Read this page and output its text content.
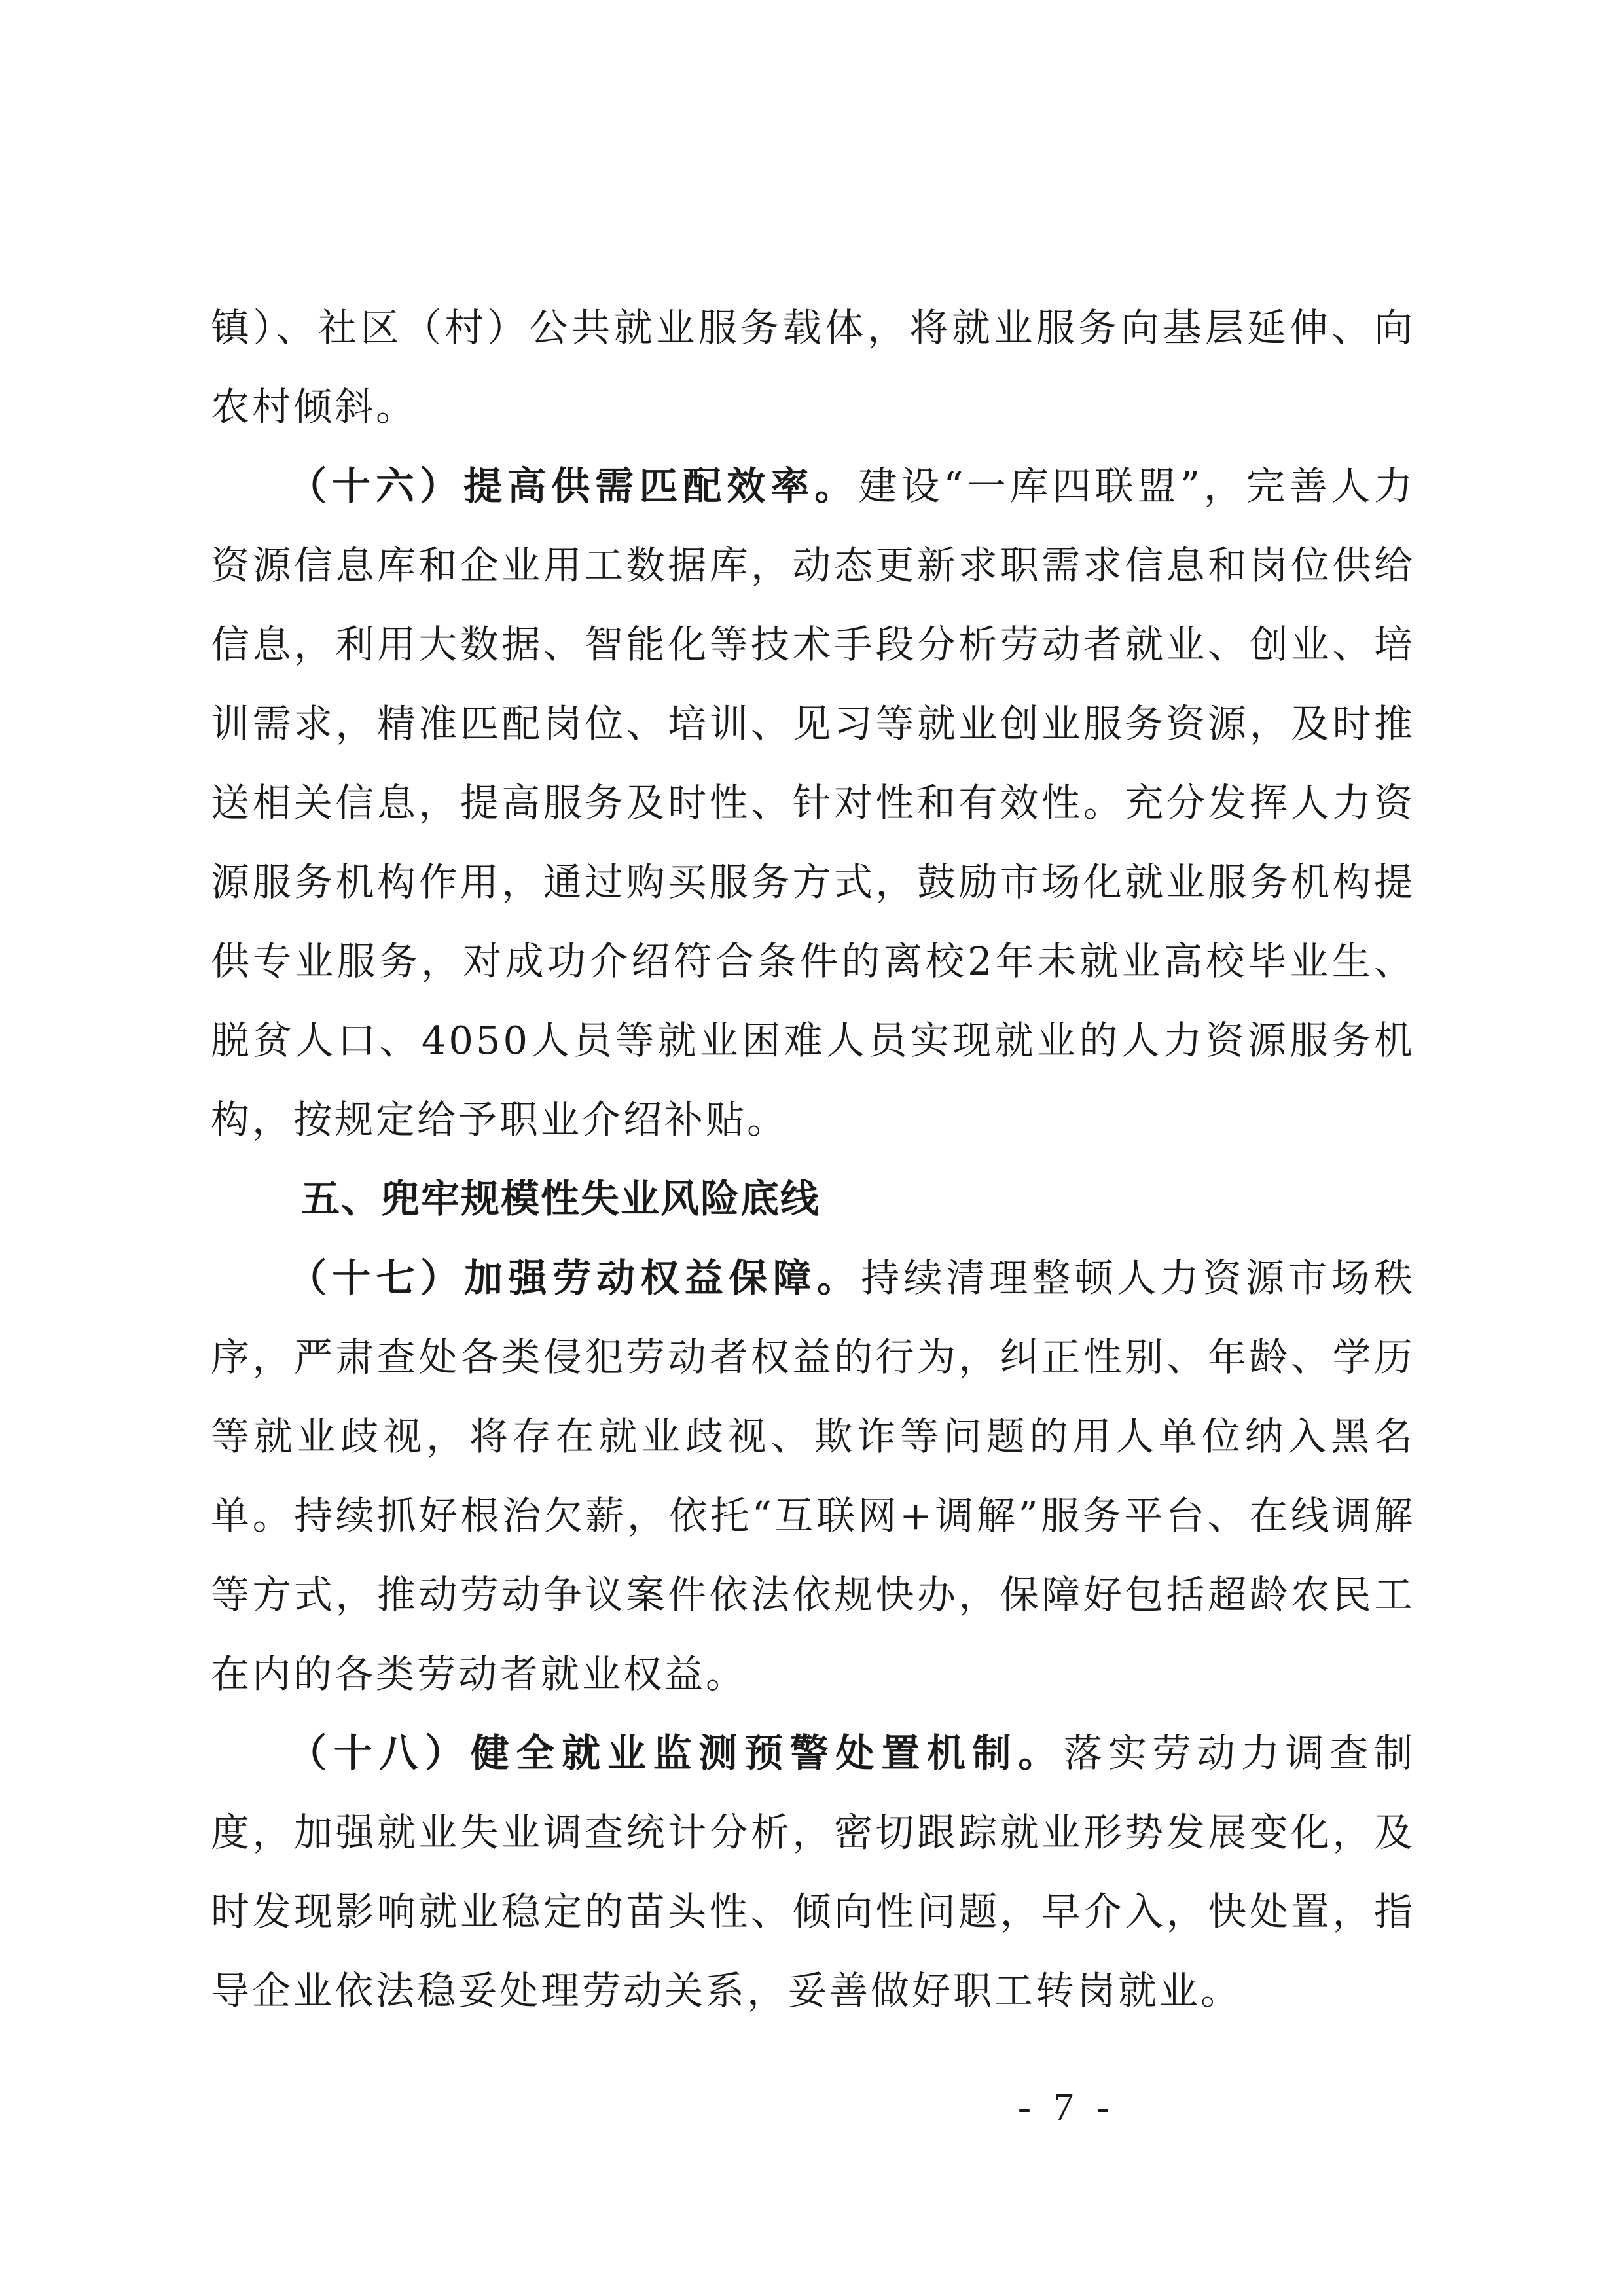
镇）、社区（村）公共就业服务载体，将就业服务向基层延伸、向农村倾斜。

（十六）提高供需匹配效率。建设“一库四联盟”，完善人力资源信息库和企业用工数据库，动态更新求职需求信息和岗位供给信息，利用大数据、智能化等技术手段分析劳动者就业、创业、培训需求，精准匹配岗位、培训、见习等就业创业服务资源，及时推送相关信息，提高服务及时性、针对性和有效性。充分发挥人力资源服务机构作用，通过购买服务方式，鼓励市场化就业服务机构提供专业服务，对成功介绍符合条件的离校2年未就业高校毕业生、脱贫人口、4050人员等就业困难人员实现就业的人力资源服务机构，按规定给予职业介绍补贴。

五、兜牢规模性失业风险底线

（十七）加强劳动权益保障。持续清理整顿人力资源市场秩序，严肃查处各类侵犯劳动者权益的行为，纠正性别、年龄、学历等就业歧视，将存在就业歧视、欺诈等问题的用人单位纳入黑名单。持续抓好根治欠薪，依托“互联网+调解”服务平台、在线调解等方式，推动劳动争议案件依法依规快办，保障好包括超龄农民工在内的各类劳动者就业权益。

（十八）健全就业监测预警处置机制。落实劳动力调查制度，加强就业失业调查统计分析，密切跟踪就业形势发展变化，及时发现影响就业稳定的苗头性、倾向性问题，早介入，快处置，指导企业依法稳妥处理劳动关系，妥善做好职工转岗就业。

- 7 -
